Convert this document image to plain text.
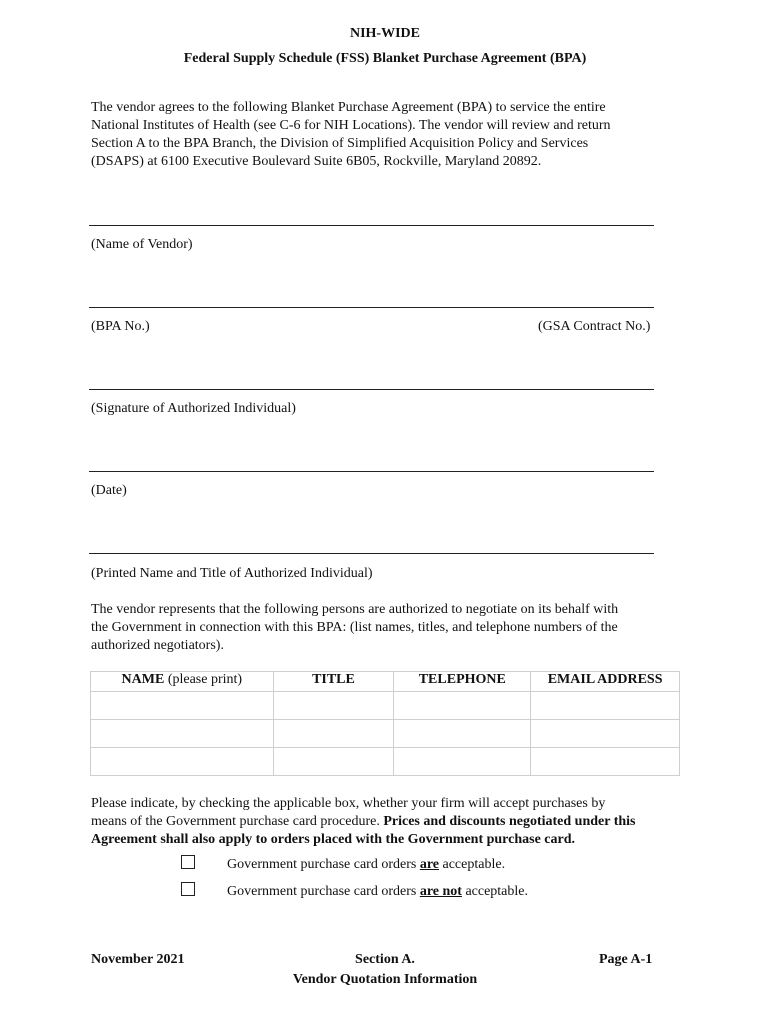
NIH-WIDE
Federal Supply Schedule (FSS) Blanket Purchase Agreement (BPA)
The vendor agrees to the following Blanket Purchase Agreement (BPA) to service the entire
National Institutes of Health (see C-6 for NIH Locations). The vendor will review and return
Section A to the BPA Branch, the Division of Simplified Acquisition Policy and Services
(DSAPS) at 6100 Executive Boulevard Suite 6B05, Rockville, Maryland 20892.
(Name of Vendor)
(BPA No.)	(GSA Contract No.)
(Signature of Authorized Individual)
(Date)
(Printed Name and Title of Authorized Individual)
The vendor represents that the following persons are authorized to negotiate on its behalf with
the Government in connection with this BPA: (list names, titles, and telephone numbers of the
authorized negotiators).
NAME (please print)	TITLE	TELEPHONE	EMAIL ADDRESS

Please indicate, by checking the applicable box, whether your firm will accept purchases by
means of the Government purchase card procedure. Prices and discounts negotiated under this
Agreement shall also apply to orders placed with the Government purchase card.
Government purchase card orders are acceptable.
Government purchase card orders are not acceptable.
November 2021	Section A.
Vendor Quotation Information
Page A-1
